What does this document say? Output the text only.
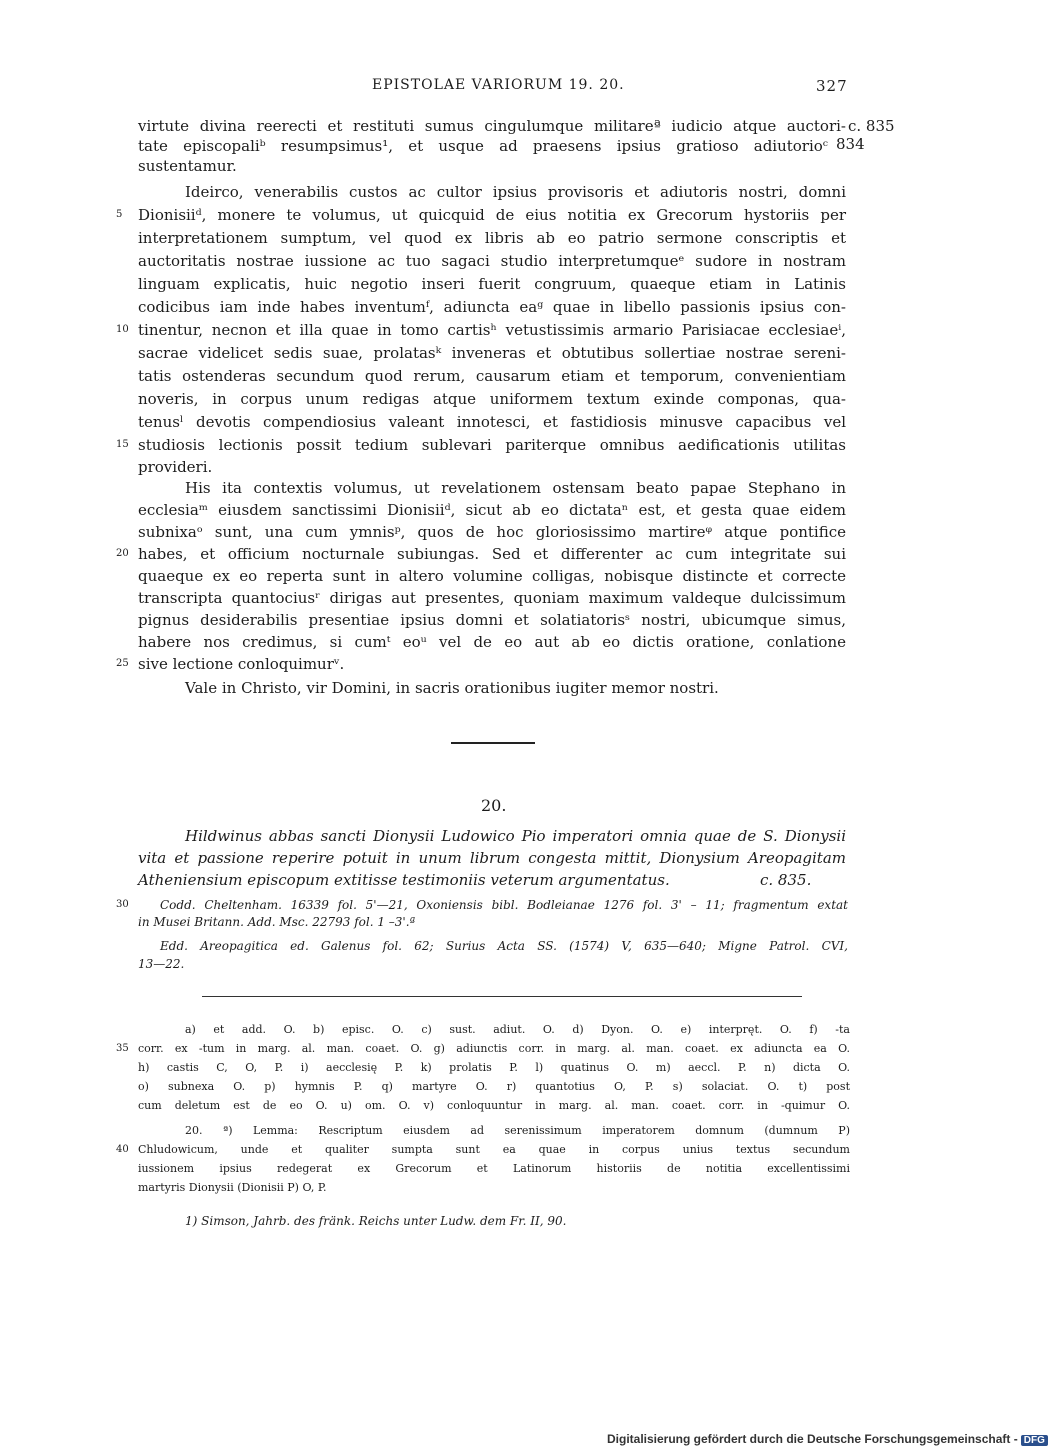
EPISTOLAE VARIORUM 19. 20.	327
virtute divina reerecti et restituti sumus cingulumque militareª iudicio atque auctori-
tate episcopaliᵇ resumpsimus¹, et usque ad praesens ipsius gratioso adiutorioᶜ
sustentamur.
Ideirco, venerabilis custos ac cultor ipsius provisoris et adiutoris nostri, domni
Dionisiiᵈ, monere te volumus, ut quicquid de eius notitia ex Grecorum hystoriis per
interpretationem sumptum, vel quod ex libris ab eo patrio sermone conscriptis et
auctoritatis nostrae iussione ac tuo sagaci studio interpretumqueᵉ sudore in nostram
linguam explicatis, huic negotio inseri fuerit congruum, quaeque etiam in Latinis
codicibus iam inde habes inventumᶠ, adiuncta eaᵍ quae in libello passionis ipsius con-
tinentur, necnon et illa quae in tomo cartisʰ vetustissimis armario Parisiacae ecclesiaeⁱ,
sacrae videlicet sedis suae, prolatasᵏ inveneras et obtutibus sollertiae nostrae sereni-
tatis ostenderas secundum quod rerum, causarum etiam et temporum, convenientiam
noveris, in corpus unum redigas atque uniformem textum exinde componas, qua-
tenusˡ devotis compendiosius valeant innotesci, et fastidiosis minusve capacibus vel
studiosis lectionis possit tedium sublevari pariterque omnibus aedificationis utilitas
provideri.
His ita contextis volumus, ut revelationem ostensam beato papae Stephano in
ecclesiaᵐ eiusdem sanctissimi Dionisiiᵈ, sicut ab eo dictataⁿ est, et gesta quae eidem
subnixaᵒ sunt, una cum ymnisᵖ, quos de hoc gloriosissimo martireᵠ atque pontifice
habes, et officium nocturnale subiungas. Sed et differenter ac cum integritate sui
quaeque ex eo reperta sunt in altero volumine colligas, nobisque distincte et correcte
transcripta quantociusʳ dirigas aut presentes, quoniam maximum valdeque dulcissimum
pignus desiderabilis presentiae ipsius domni et solatiatorisˢ nostri, ubicumque simus,
habere nos credimus, si cumᵗ eoᵘ vel de eo aut ab eo dictis oratione, conlatione
sive lectione conloquimurᵛ.
Vale in Christo, vir Domini, in sacris orationibus iugiter memor nostri.
5
10
15
20
25
c. 835
834
20.
Hildwinus abbas sancti Dionysii Ludowico Pio imperatori omnia quae de S. Dionysii
vita et passione reperire potuit in unum librum congesta mittit, Dionysium Areopagitam
Atheniensium episcopum extitisse testimoniis veterum argumentatus.	c. 835.
Codd. Cheltenham. 16339 fol. 5'—21, Oxoniensis bibl. Bodleianae 1276 fol. 3' – 11; fragmentum extat
in Musei Britann. Add. Msc. 22793 fol. 1 –3'.ª
30
Edd. Areopagitica ed. Galenus fol. 62; Surius Acta SS. (1574) V, 635—640; Migne Patrol. CVI,
13—22.
a) et add. O. b) episc. O. c) sust. adiut. O. d) Dyon. O. e) interpręt. O. f) -ta
corr. ex -tum in marg. al. man. coaet. O. g) adiunctis corr. in marg. al. man. coaet. ex adiuncta ea O.
h) castis C, O, P. i) aecclesię P. k) prolatis P. l) quatinus O. m) aeccl. P. n) dicta O.
o) subnexa O. p) hymnis P. q) martyre O. r) quantotius O, P. s) solacіat. O. t) post
cum deletum est de eo O. u) om. O. v) conloquuntur in marg. al. man. coaet. corr. in -quimur O.
35
20. ª) Lemma: Rescriptum eiusdem ad serenissimum imperatorem domnum (dumnum P)
Chludowicum, unde et qualiter sumpta sunt ea quae in corpus unius textus secundum
iussionem ipsius redegerat ex Grecorum et Latinorum historiis de notitia excellentissimi
martyris Dionysii (Dionisii P) O, P.
40
1) Simson, Jahrb. des fränk. Reichs unter Ludw. dem Fr. II, 90.
Digitalisierung gefördert durch die Deutsche Forschungsgemeinschaft - DFG
